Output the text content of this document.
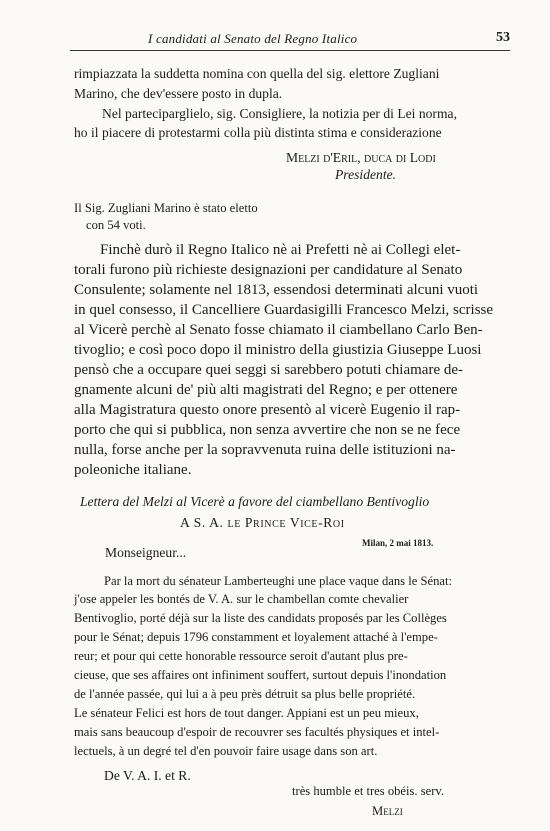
I candidati al Senato del Regno Italico	53
rimpiazzata la suddetta nomina con quella del sig. elettore Zugliani
Marino, che dev'essere posto in dupla.
Nel parteciparglielo, sig. Consigliere, la notizia per di Lei norma,
ho il piacere di protestarmi colla più distinta stima e considerazione
Melzi d'Eril, duca di Lodi
Presidente.
Il Sig. Zugliani Marino è stato eletto
con 54 voti.
Finchè durò il Regno Italico nè ai Prefetti nè ai Collegi elet-
torali furono più richieste designazioni per candidature al Senato
Consulente; solamente nel 1813, essendosi determinati alcuni vuoti
in quel consesso, il Cancelliere Guardasigilli Francesco Melzi, scrisse
al Vicerè perchè al Senato fosse chiamato il ciambellano Carlo Ben-
tivoglio; e così poco dopo il ministro della giustizia Giuseppe Luosi
pensò che a occupare quei seggi si sarebbero potuti chiamare de-
gnamente alcuni de' più alti magistrati del Regno; e per ottenere
alla Magistratura questo onore presentò al vicerè Eugenio il rap-
porto che qui si pubblica, non senza avvertire che non se ne fece
nulla, forse anche per la sopravvenuta ruina delle istituzioni na-
poleoniche italiane.
Lettera del Melzi al Vicerè a favore del ciambellano Bentivoglio
A S. A. le Prince Vice-Roi
Milan, 2 mai 1813.
Monseigneur...
Par la mort du sénateur Lamberteughi une place vaque dans le Sénat:
j'ose appeler les bontés de V. A. sur le chambellan comte chevalier
Bentivoglio, porté déjà sur la liste des candidats proposés par les Collèges
pour le Sénat; depuis 1796 constamment et loyalement attaché à l'empe-
reur; et pour qui cette honorable ressource seroit d'autant plus pre-
cieuse, que ses affaires ont infiniment souffert, surtout depuis l'inondation
de l'année passée, qui lui a à peu près détruit sa plus belle propriété.
Le sénateur Felici est hors de tout danger. Appiani est un peu mieux,
mais sans beaucoup d'espoir de recouvrer ses facultés physiques et intel-
lectuels, à un degré tel d'en pouvoir faire usage dans son art.
De V. A. I. et R.
très humble et tres obéis. serv.
Melzi
